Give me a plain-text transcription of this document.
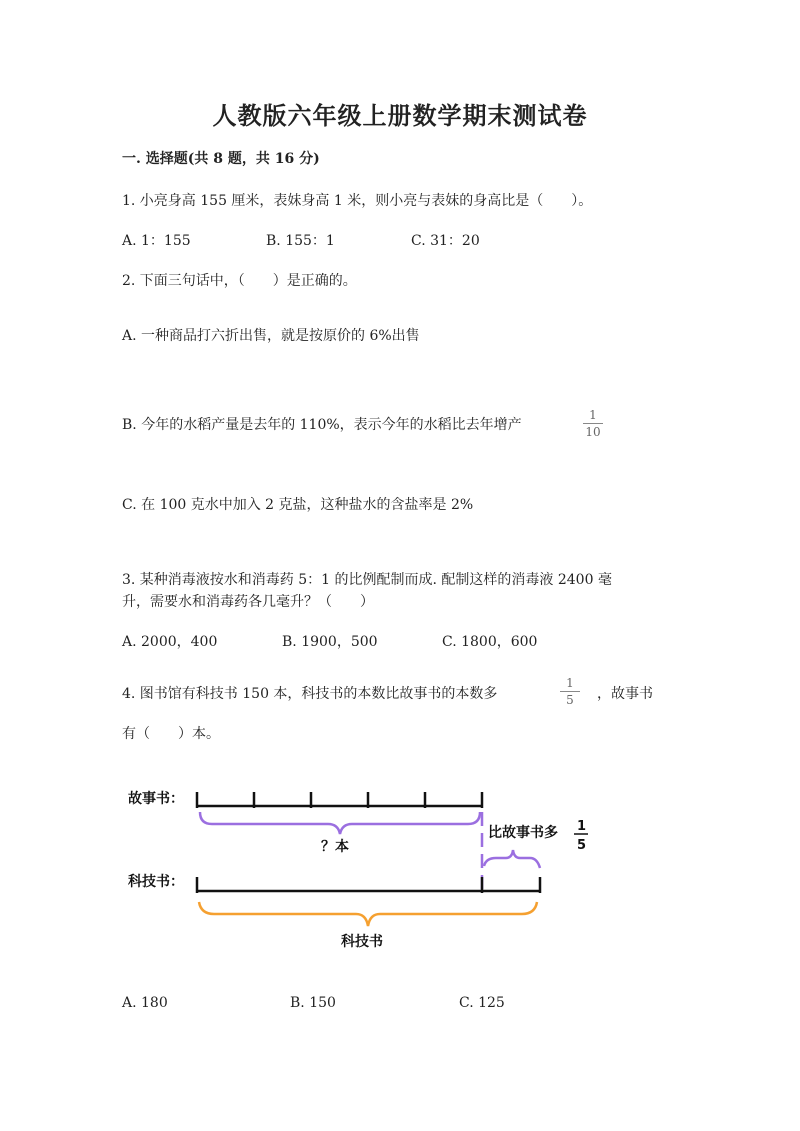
人教版六年级上册数学期末测试卷
一. 选择题(共 8 题，共 16 分)
1. 小亮身高 155 厘米，表妹身高 1 米，则小亮与表妹的身高比是（　　）。
A. 1：155	B. 155：1	C. 31：20
2. 下面三句话中，（　　）是正确的。
A. 一种商品打六折出售，就是按原价的 6%出售
B. 今年的水稻产量是去年的 110%，表示今年的水稻比去年增产
1
10
C. 在 100 克水中加入 2 克盐，这种盐水的含盐率是 2%
3. 某种消毒液按水和消毒药 5：1 的比例配制而成. 配制这样的消毒液 2400 毫
升，需要水和消毒药各几毫升？（　　）
A. 2000，400	B. 1900，500	C. 1800，600
4. 图书馆有科技书 150 本，科技书的本数比故事书的本数多
1
5	，故事书
有（　　）本。
故事书：
？本
比故事书多 1
5
科技书：
科技书
A. 180	B. 150	C. 125
